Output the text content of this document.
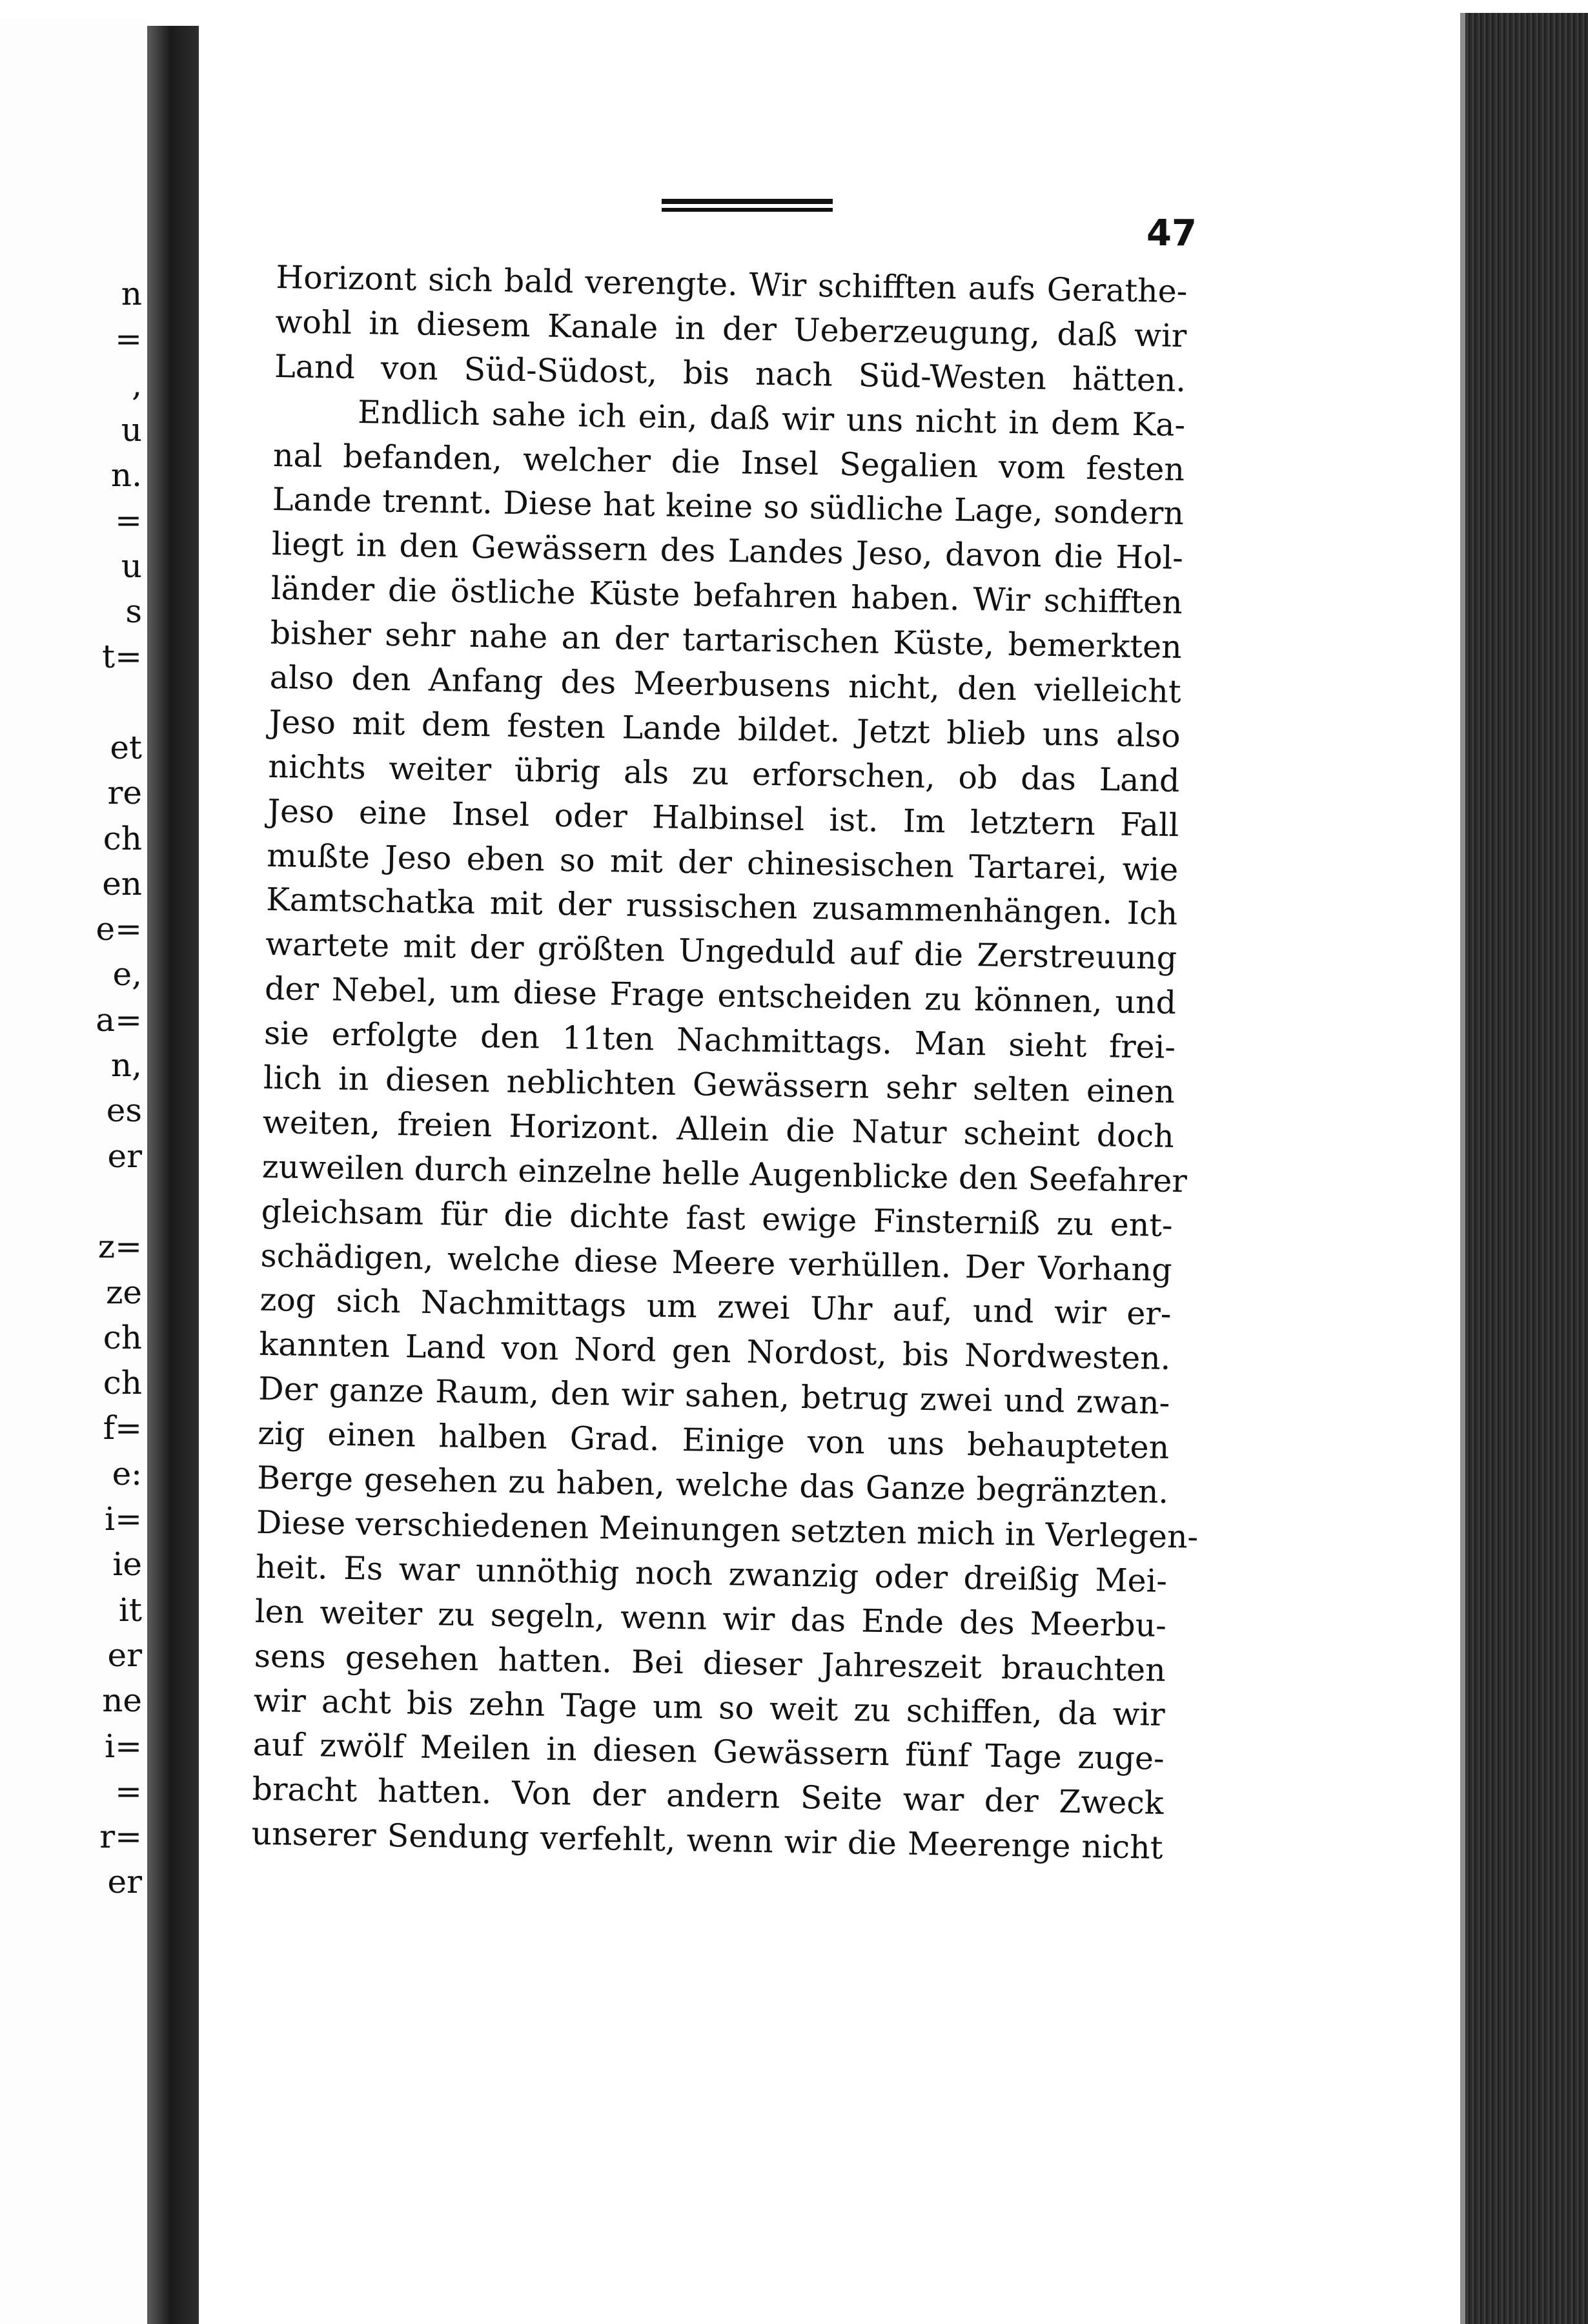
n
=
,
u
n.
=
u
s
t=

et
re
ch
en
e=
e,
a=
n,
es
er

z=
ze
ch
ch
f=
e:
i=
ie
it
er
ne
i=
=
r=
er
47
Horizont sich bald verengte. Wir schifften aufs Gerathe-
wohl in diesem Kanale in der Ueberzeugung, daß wir
Land von Süd-Südost, bis nach Süd-Westen hätten.
Endlich sahe ich ein, daß wir uns nicht in dem Ka-
nal befanden, welcher die Insel Segalien vom festen
Lande trennt. Diese hat keine so südliche Lage, sondern
liegt in den Gewässern des Landes Jeso, davon die Hol-
länder die östliche Küste befahren haben. Wir schifften
bisher sehr nahe an der tartarischen Küste, bemerkten
also den Anfang des Meerbusens nicht, den vielleicht
Jeso mit dem festen Lande bildet. Jetzt blieb uns also
nichts weiter übrig als zu erforschen, ob das Land
Jeso eine Insel oder Halbinsel ist. Im letztern Fall
mußte Jeso eben so mit der chinesischen Tartarei, wie
Kamtschatka mit der russischen zusammenhängen. Ich
wartete mit der größten Ungeduld auf die Zerstreuung
der Nebel, um diese Frage entscheiden zu können, und
sie erfolgte den 11ten Nachmittags. Man sieht frei-
lich in diesen neblichten Gewässern sehr selten einen
weiten, freien Horizont. Allein die Natur scheint doch
zuweilen durch einzelne helle Augenblicke den Seefahrer
gleichsam für die dichte fast ewige Finsterniß zu ent-
schädigen, welche diese Meere verhüllen. Der Vorhang
zog sich Nachmittags um zwei Uhr auf, und wir er-
kannten Land von Nord gen Nordost, bis Nordwesten.
Der ganze Raum, den wir sahen, betrug zwei und zwan-
zig einen halben Grad. Einige von uns behaupteten
Berge gesehen zu haben, welche das Ganze begränzten.
Diese verschiedenen Meinungen setzten mich in Verlegen-
heit. Es war unnöthig noch zwanzig oder dreißig Mei-
len weiter zu segeln, wenn wir das Ende des Meerbu-
sens gesehen hatten. Bei dieser Jahreszeit brauchten
wir acht bis zehn Tage um so weit zu schiffen, da wir
auf zwölf Meilen in diesen Gewässern fünf Tage zuge-
bracht hatten. Von der andern Seite war der Zweck
unserer Sendung verfehlt, wenn wir die Meerenge nicht
